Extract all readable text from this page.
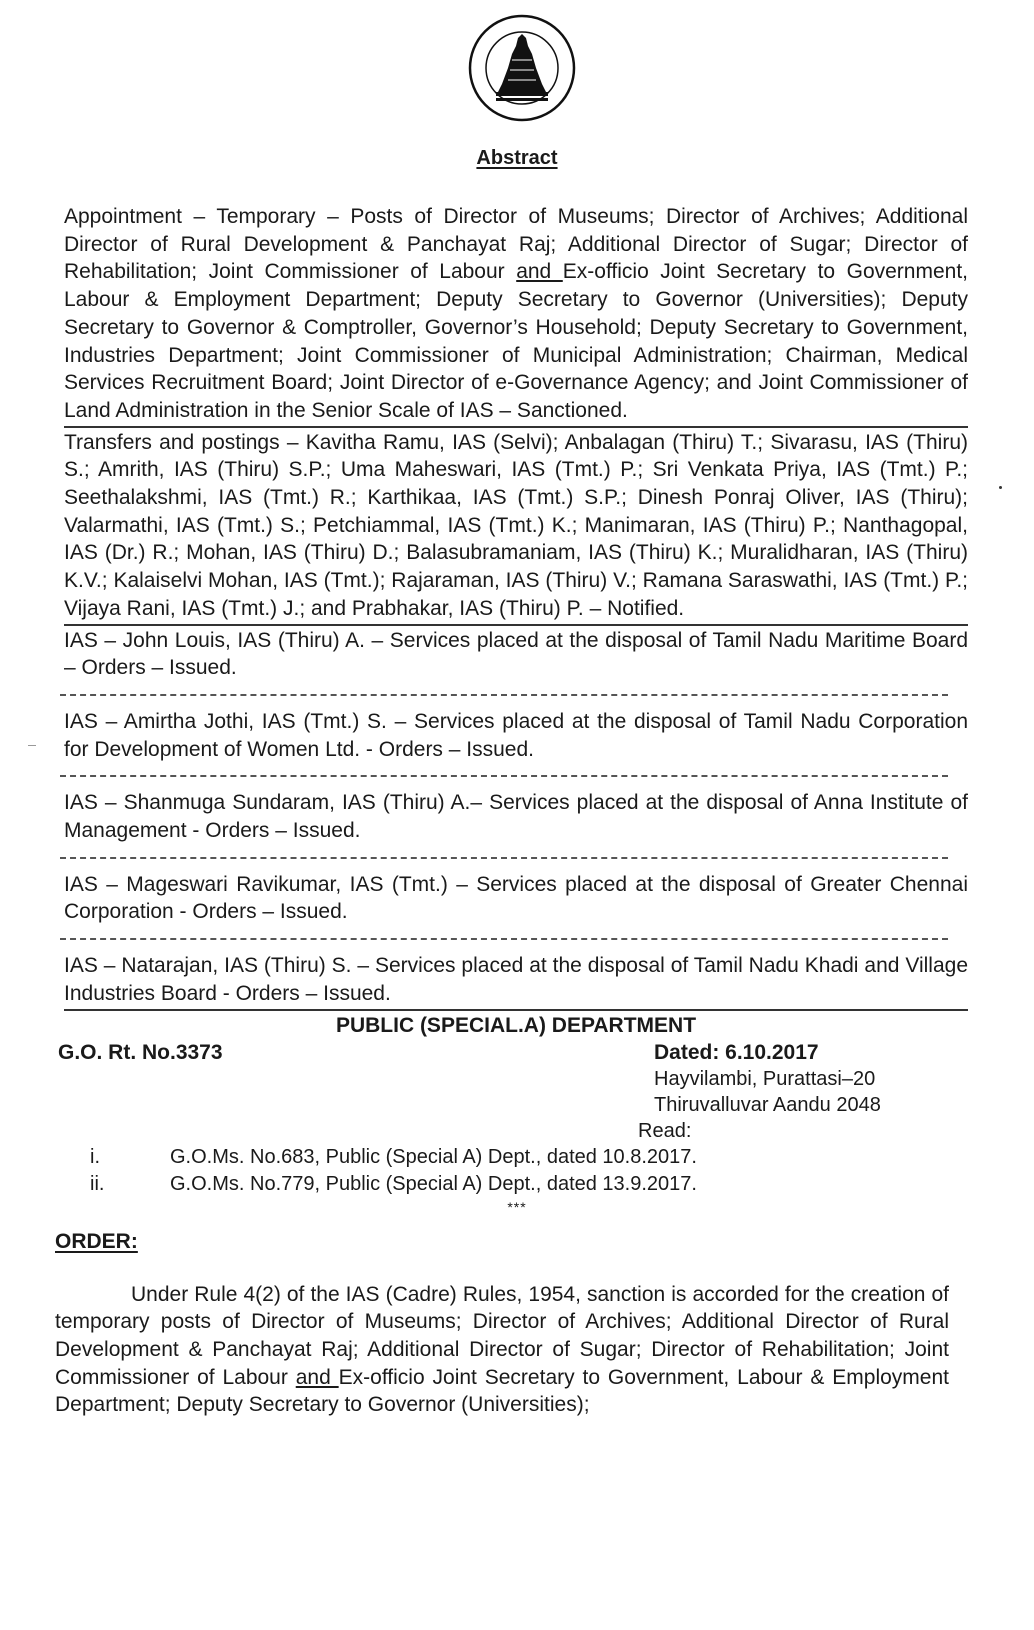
Abstract

Appointment – Temporary – Posts of Director of Museums; Director of Archives; Additional Director of Rural Development & Panchayat Raj; Additional Director of Sugar; Director of Rehabilitation; Joint Commissioner of Labour and Ex-officio Joint Secretary to Government, Labour & Employment Department; Deputy Secretary to Governor (Universities); Deputy Secretary to Governor & Comptroller, Governor’s Household; Deputy Secretary to Government, Industries Department; Joint Commissioner of Municipal Administration; Chairman, Medical Services Recruitment Board; Joint Director of e-Governance Agency; and Joint Commissioner of Land Administration in the Senior Scale of IAS – Sanctioned.

Transfers and postings – Kavitha Ramu, IAS (Selvi); Anbalagan (Thiru) T.; Sivarasu, IAS (Thiru) S.; Amrith, IAS (Thiru) S.P.; Uma Maheswari, IAS (Tmt.) P.; Sri Venkata Priya, IAS (Tmt.) P.; Seethalakshmi, IAS (Tmt.) R.; Karthikaa, IAS (Tmt.) S.P.; Dinesh Ponraj Oliver, IAS (Thiru); Valarmathi, IAS (Tmt.) S.; Petchiammal, IAS (Tmt.) K.; Manimaran, IAS (Thiru) P.; Nanthagopal, IAS (Dr.) R.; Mohan, IAS (Thiru) D.; Balasubramaniam, IAS (Thiru) K.; Muralidharan, IAS (Thiru) K.V.; Kalaiselvi Mohan, IAS (Tmt.); Rajaraman, IAS (Thiru) V.; Ramana Saraswathi, IAS (Tmt.) P.; Vijaya Rani, IAS (Tmt.) J.; and Prabhakar, IAS (Thiru) P. – Notified.

IAS – John Louis, IAS (Thiru) A. – Services placed at the disposal of Tamil Nadu Maritime Board – Orders – Issued.

IAS – Amirtha Jothi, IAS (Tmt.) S. – Services placed at the disposal of Tamil Nadu Corporation for Development of Women Ltd. - Orders – Issued.

IAS – Shanmuga Sundaram, IAS (Thiru) A.– Services placed at the disposal of Anna Institute of Management - Orders – Issued.

IAS – Mageswari Ravikumar, IAS (Tmt.) – Services placed at the disposal of Greater Chennai Corporation - Orders – Issued.

IAS – Natarajan, IAS (Thiru) S. – Services placed at the disposal of Tamil Nadu Khadi and Village Industries Board - Orders – Issued.

PUBLIC (SPECIAL.A) DEPARTMENT

G.O. Rt. No.3373	Dated: 6.10.2017
Hayvilambi, Purattasi–20
Thiruvalluvar Aandu 2048
Read:
i.	G.O.Ms. No.683, Public (Special A) Dept., dated 10.8.2017.
ii.	G.O.Ms. No.779, Public (Special A) Dept., dated 13.9.2017.
***
ORDER:

Under Rule 4(2) of the IAS (Cadre) Rules, 1954, sanction is accorded for the creation of temporary posts of Director of Museums; Director of Archives; Additional Director of Rural Development & Panchayat Raj; Additional Director of Sugar; Director of Rehabilitation; Joint Commissioner of Labour and Ex-officio Joint Secretary to Government, Labour & Employment Department; Deputy Secretary to Governor (Universities);
